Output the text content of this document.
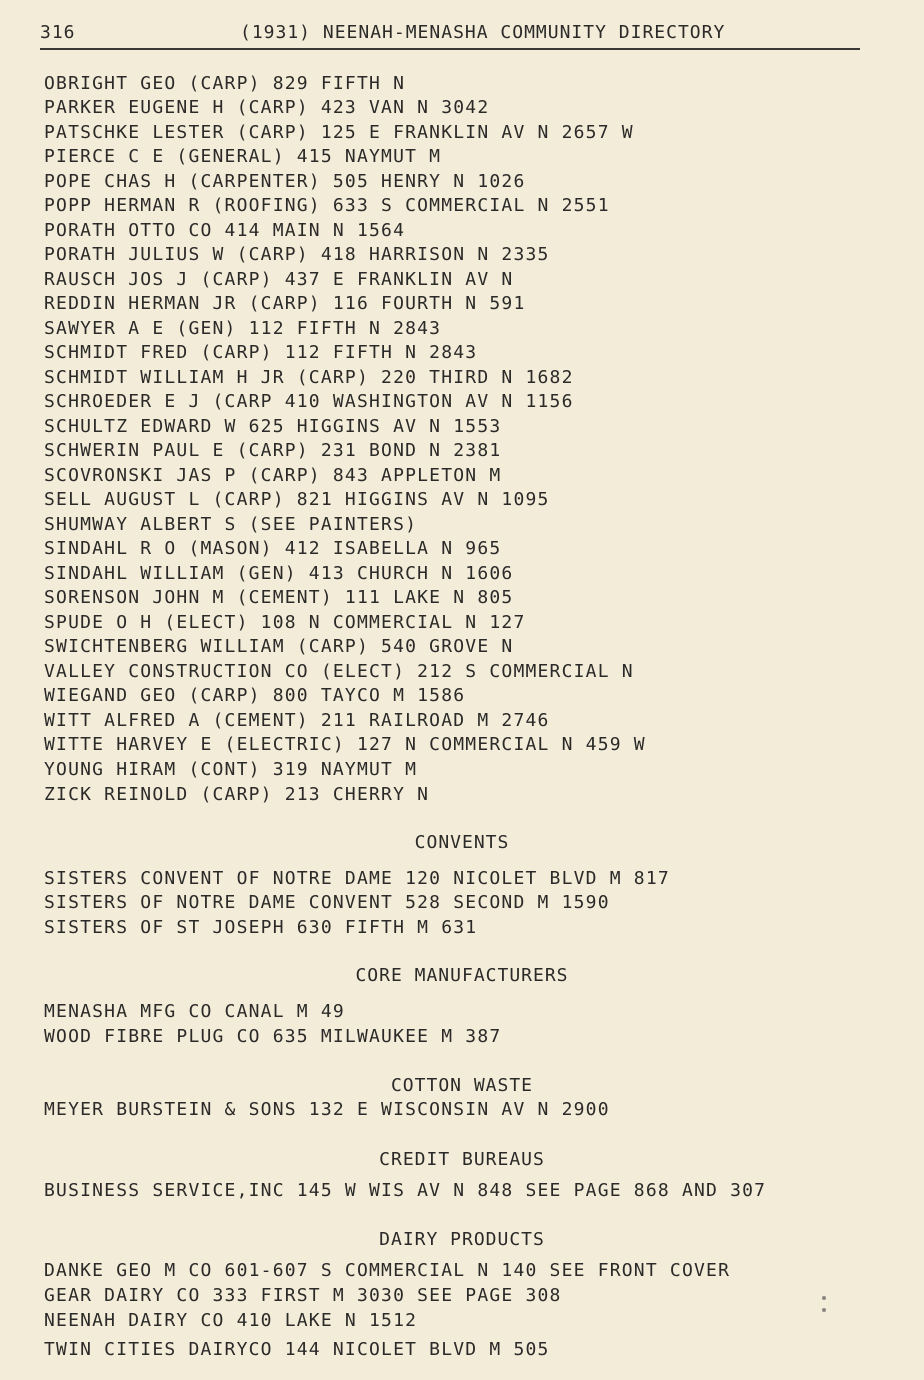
316	(1931) NEENAH-MENASHA COMMUNITY DIRECTORY
OBRIGHT GEO (CARP) 829 FIFTH N
PARKER EUGENE H (CARP) 423 VAN N 3042
PATSCHKE LESTER (CARP) 125 E FRANKLIN AV N 2657 W
PIERCE C E (GENERAL) 415 NAYMUT M
POPE CHAS H (CARPENTER) 505 HENRY N 1026
POPP HERMAN R (ROOFING) 633 S COMMERCIAL N 2551
PORATH OTTO CO 414 MAIN N 1564
PORATH JULIUS W (CARP) 418 HARRISON N 2335
RAUSCH JOS J (CARP) 437 E FRANKLIN AV N
REDDIN HERMAN JR (CARP) 116 FOURTH N 591
SAWYER A E (GEN) 112 FIFTH N 2843
SCHMIDT FRED (CARP) 112 FIFTH N 2843
SCHMIDT WILLIAM H JR (CARP) 220 THIRD N 1682
SCHROEDER E J (CARP 410 WASHINGTON AV N 1156
SCHULTZ EDWARD W 625 HIGGINS AV N 1553
SCHWERIN PAUL E (CARP) 231 BOND N 2381
SCOVRONSKI JAS P (CARP) 843 APPLETON M
SELL AUGUST L (CARP) 821 HIGGINS AV N 1095
SHUMWAY ALBERT S (SEE PAINTERS)
SINDAHL R O (MASON) 412 ISABELLA N 965
SINDAHL WILLIAM (GEN) 413 CHURCH N 1606
SORENSON JOHN M (CEMENT) 111 LAKE N 805
SPUDE O H (ELECT) 108 N COMMERCIAL N 127
SWICHTENBERG WILLIAM (CARP) 540 GROVE N
VALLEY CONSTRUCTION CO (ELECT) 212 S COMMERCIAL N
WIEGAND GEO (CARP) 800 TAYCO M 1586
WITT ALFRED A (CEMENT) 211 RAILROAD M 2746
WITTE HARVEY E (ELECTRIC) 127 N COMMERCIAL N 459 W
YOUNG HIRAM (CONT) 319 NAYMUT M
ZICK REINOLD (CARP) 213 CHERRY N
CONVENTS
SISTERS CONVENT OF NOTRE DAME 120 NICOLET BLVD M 817
SISTERS OF NOTRE DAME CONVENT 528 SECOND M 1590
SISTERS OF ST JOSEPH 630 FIFTH M 631
CORE MANUFACTURERS
MENASHA MFG CO CANAL M 49
WOOD FIBRE PLUG CO 635 MILWAUKEE M 387
COTTON WASTE
MEYER BURSTEIN & SONS 132 E WISCONSIN AV N 2900
CREDIT BUREAUS
BUSINESS SERVICE,INC 145 W WIS AV N 848 SEE PAGE 868 AND 307
DAIRY PRODUCTS
DANKE GEO M CO 601-607 S COMMERCIAL N 140 SEE FRONT COVER
GEAR DAIRY CO 333 FIRST M 3030 SEE PAGE 308
NEENAH DAIRY CO 410 LAKE N 1512
TWIN CITIES DAIRYCO 144 NICOLET BLVD M 505
